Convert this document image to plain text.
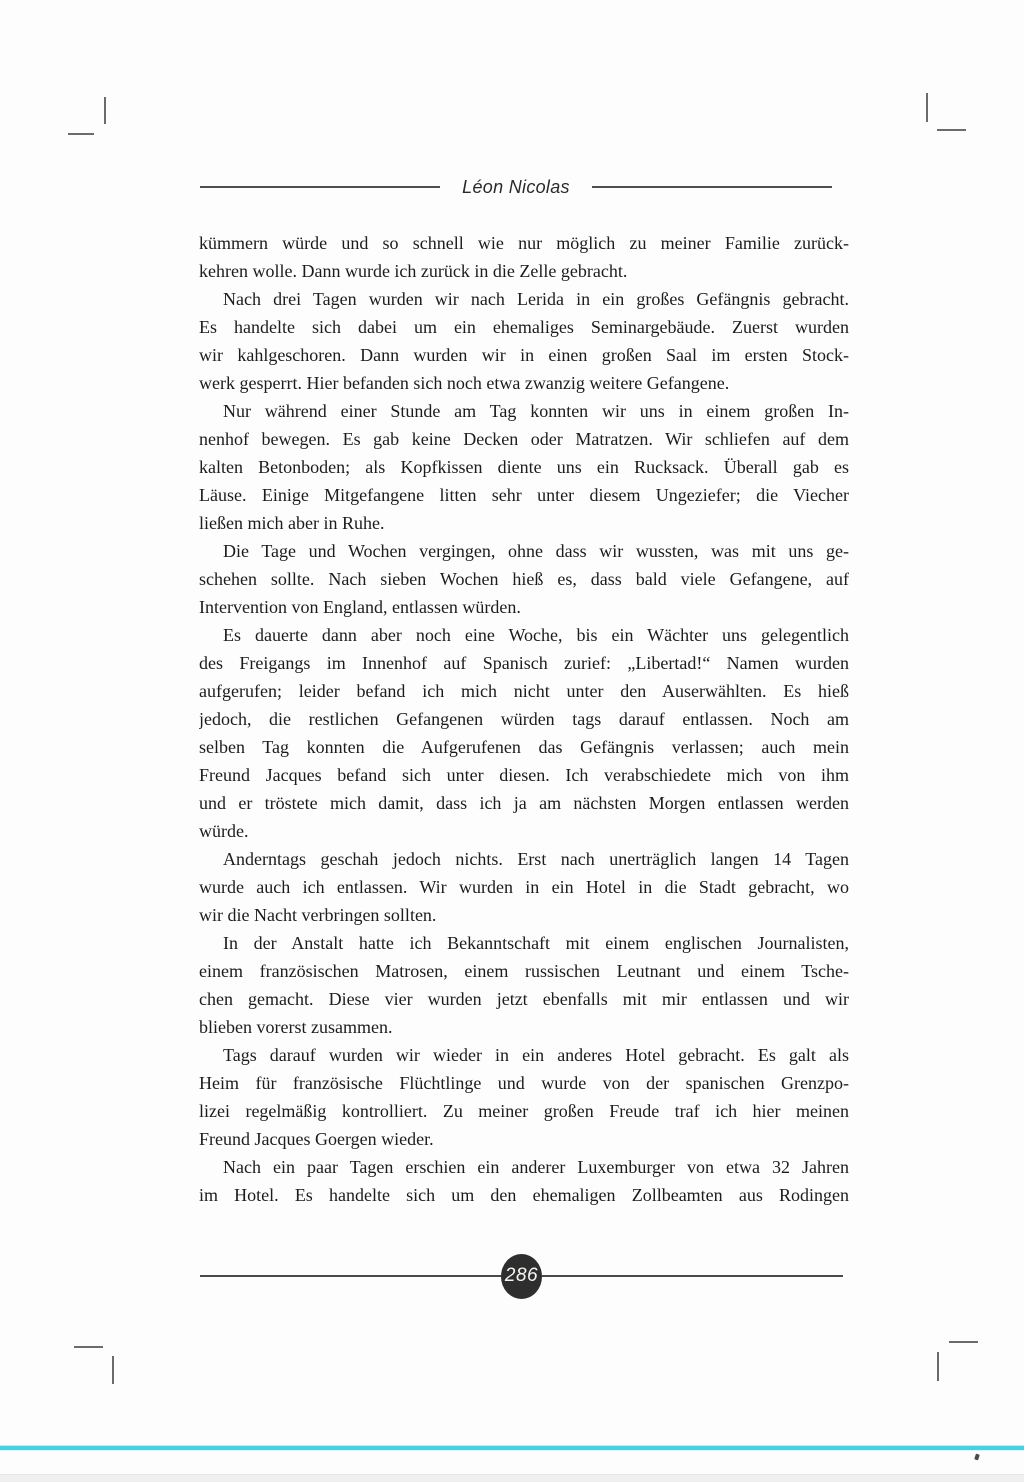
Léon Nicolas
kümmern würde und so schnell wie nur möglich zu meiner Familie zurück-
kehren wolle. Dann wurde ich zurück in die Zelle gebracht.
Nach drei Tagen wurden wir nach Lerida in ein großes Gefängnis gebracht.
Es handelte sich dabei um ein ehemaliges Seminargebäude. Zuerst wurden
wir kahlgeschoren. Dann wurden wir in einen großen Saal im ersten Stock-
werk gesperrt. Hier befanden sich noch etwa zwanzig weitere Gefangene.
Nur während einer Stunde am Tag konnten wir uns in einem großen In-
nenhof bewegen. Es gab keine Decken oder Matratzen. Wir schliefen auf dem
kalten Betonboden; als Kopfkissen diente uns ein Rucksack. Überall gab es
Läuse. Einige Mitgefangene litten sehr unter diesem Ungeziefer; die Viecher
ließen mich aber in Ruhe.
Die Tage und Wochen vergingen, ohne dass wir wussten, was mit uns ge-
schehen sollte. Nach sieben Wochen hieß es, dass bald viele Gefangene, auf
Intervention von England, entlassen würden.
Es dauerte dann aber noch eine Woche, bis ein Wächter uns gelegentlich
des Freigangs im Innenhof auf Spanisch zurief: „Libertad!“ Namen wurden
aufgerufen; leider befand ich mich nicht unter den Auserwählten. Es hieß
jedoch, die restlichen Gefangenen würden tags darauf entlassen. Noch am
selben Tag konnten die Aufgerufenen das Gefängnis verlassen; auch mein
Freund Jacques befand sich unter diesen. Ich verabschiedete mich von ihm
und er tröstete mich damit, dass ich ja am nächsten Morgen entlassen werden
würde.
Anderntags geschah jedoch nichts. Erst nach unerträglich langen 14 Tagen
wurde auch ich entlassen. Wir wurden in ein Hotel in die Stadt gebracht, wo
wir die Nacht verbringen sollten.
In der Anstalt hatte ich Bekanntschaft mit einem englischen Journalisten,
einem französischen Matrosen, einem russischen Leutnant und einem Tsche-
chen gemacht. Diese vier wurden jetzt ebenfalls mit mir entlassen und wir
blieben vorerst zusammen.
Tags darauf wurden wir wieder in ein anderes Hotel gebracht. Es galt als
Heim für französische Flüchtlinge und wurde von der spanischen Grenzpo-
lizei regelmäßig kontrolliert. Zu meiner großen Freude traf ich hier meinen
Freund Jacques Goergen wieder.
Nach ein paar Tagen erschien ein anderer Luxemburger von etwa 32 Jahren
im Hotel. Es handelte sich um den ehemaligen Zollbeamten aus Rodingen
286
